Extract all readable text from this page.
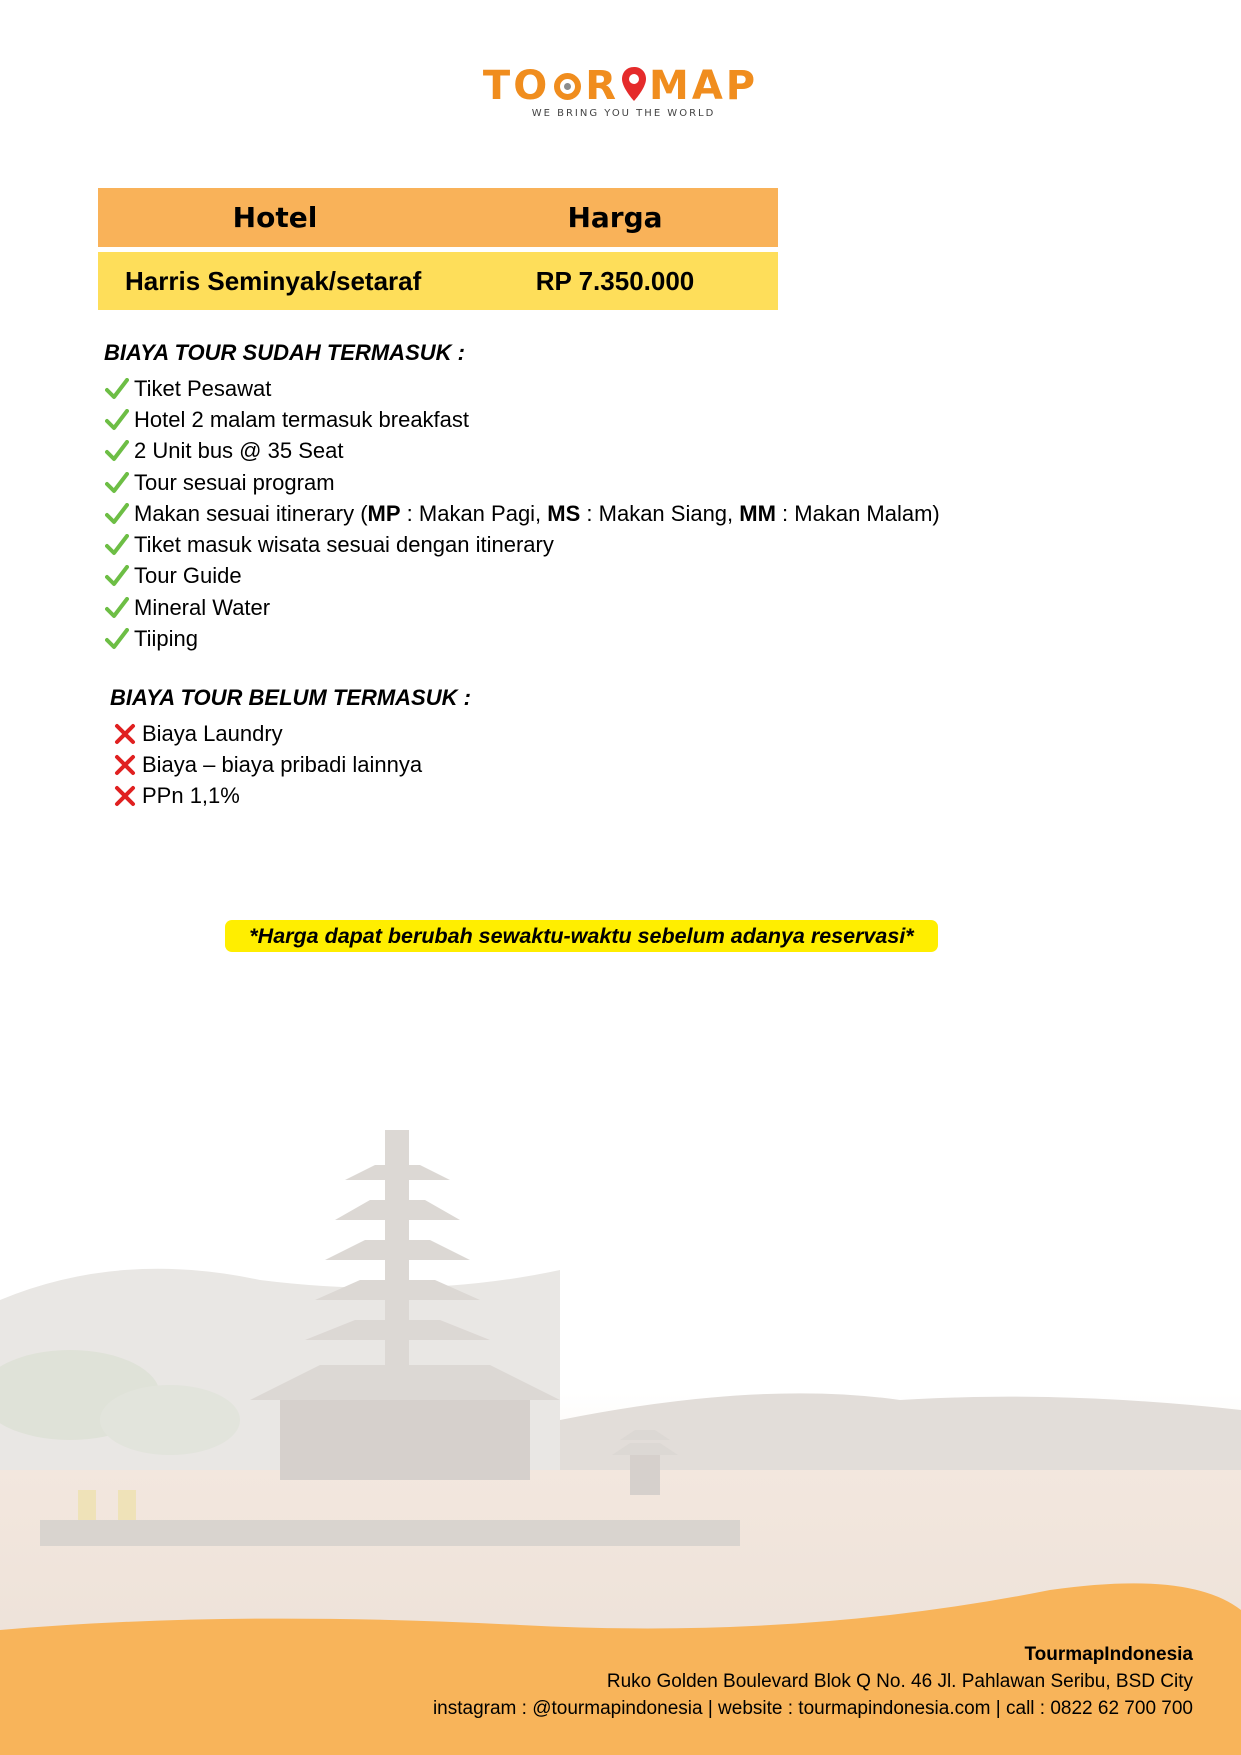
TO R MAP
WE BRING YOU THE WORLD
Hotel	Harga
Harris Seminyak/setaraf	RP 7.350.000
BIAYA TOUR SUDAH TERMASUK :
Tiket Pesawat
Hotel 2 malam termasuk breakfast
2 Unit bus @ 35 Seat
Tour sesuai program
Makan sesuai itinerary (MP : Makan Pagi, MS : Makan Siang, MM : Makan Malam)
Tiket masuk wisata sesuai dengan itinerary
Tour Guide
Mineral Water
Tiiping
BIAYA TOUR BELUM TERMASUK :
Biaya Laundry
Biaya – biaya pribadi lainnya
PPn 1,1%
*Harga dapat berubah sewaktu-waktu sebelum adanya reservasi*
TourmapIndonesia
Ruko Golden Boulevard Blok Q No. 46 Jl. Pahlawan Seribu, BSD City
instagram : @tourmapindonesia | website : tourmapindonesia.com | call : 0822 62 700 700
